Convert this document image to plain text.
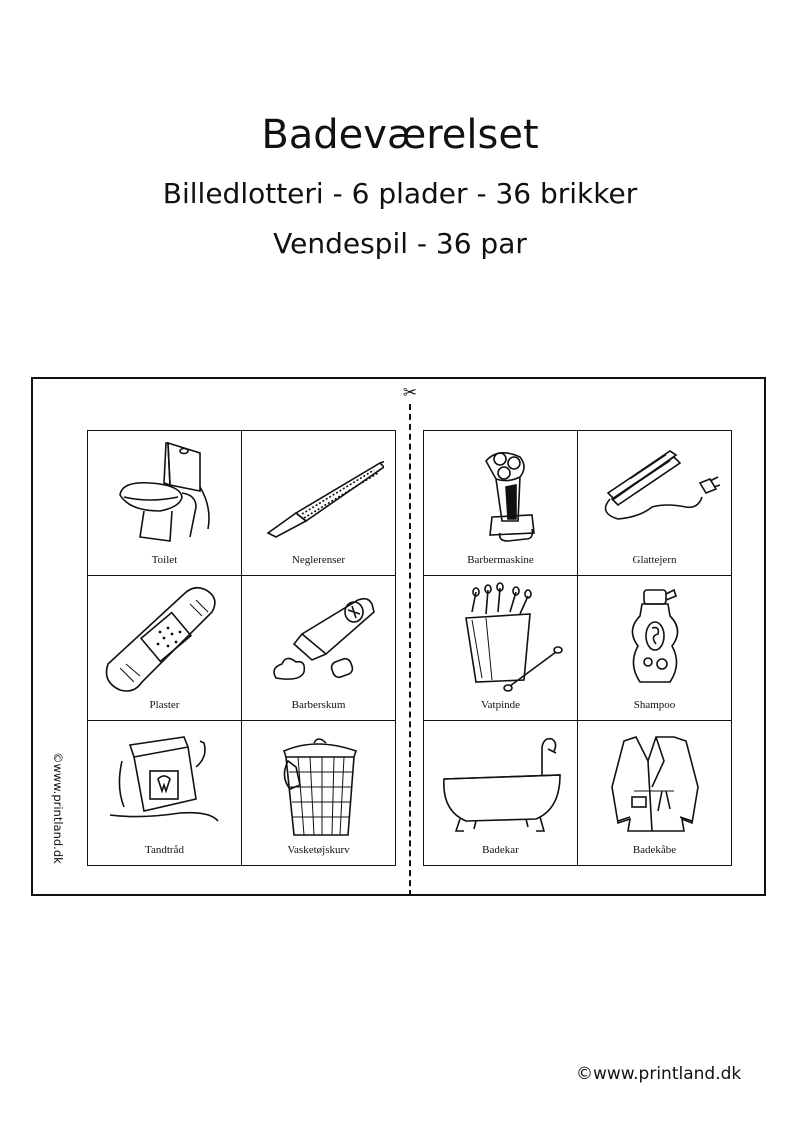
Badeværelset
Billedlotteri - 6 plader - 36 brikker
Vendespil - 36 par
✂
©www.printland.dk
Toilet	Neglerenser
Plaster	Barberskum
Tandtråd	Vasketøjskurv
Barbermaskine	Glattejern
Vatpinde	Shampoo
Badekar	Badekåbe
©www.printland.dk
